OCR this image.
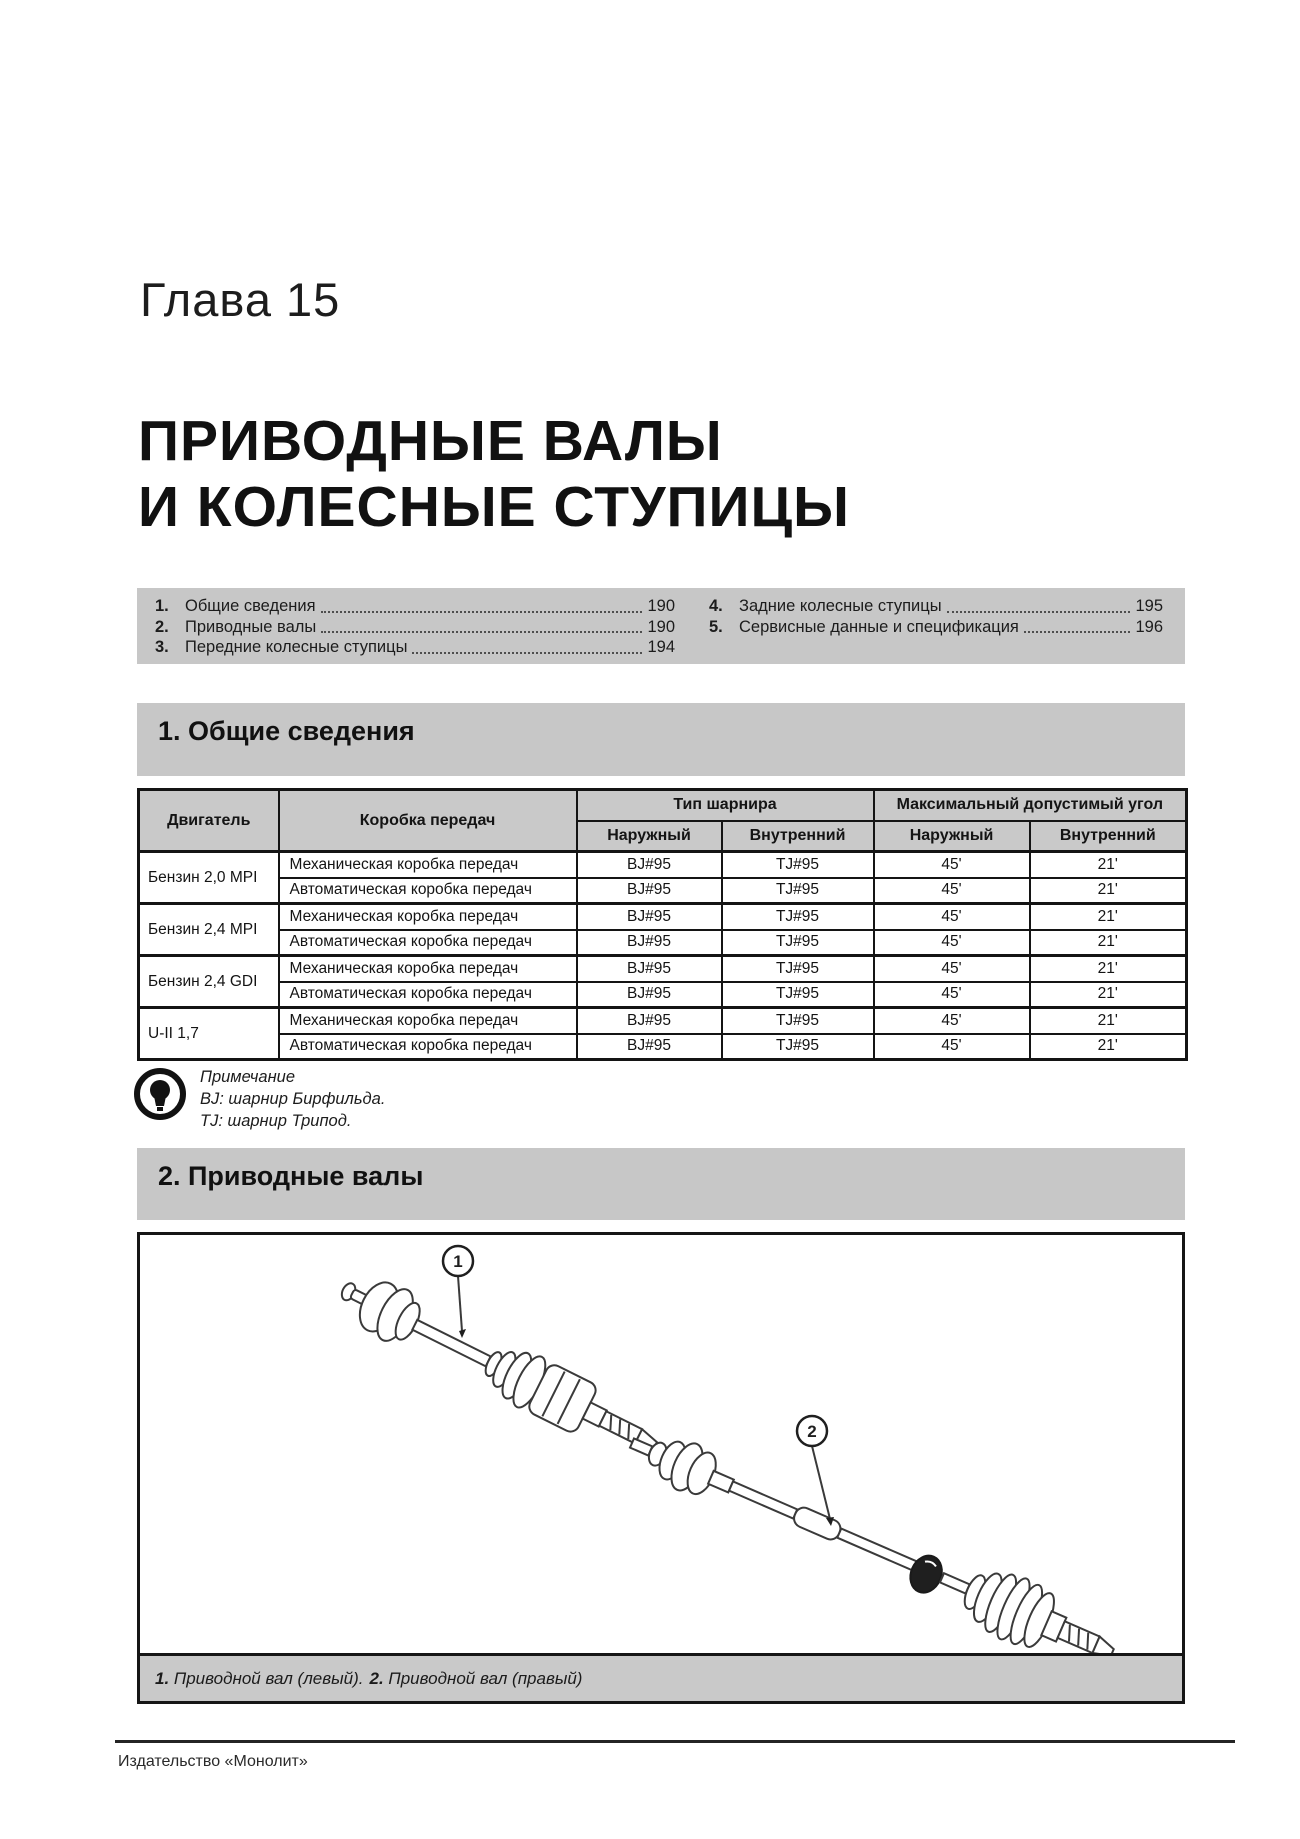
Глава 15
ПРИВОДНЫЕ ВАЛЫ
И КОЛЕСНЫЕ СТУПИЦЫ
1. Общие сведения	190
2. Приводные валы	190
3. Передние колесные ступицы	194
4. Задние колесные ступицы	195
5. Сервисные данные и спецификация	196
1. Общие сведения
Двигатель	Коробка передач	Тип шарнира		Максимальный допустимый угол	
		Наружный	Внутренний	Наружный	Внутренний
Бензин 2,0 MPI	Механическая коробка передач	BJ#95	TJ#95	45'	21'
	Автоматическая коробка передач	BJ#95	TJ#95	45'	21'
Бензин 2,4 MPI	Механическая коробка передач	BJ#95	TJ#95	45'	21'
	Автоматическая коробка передач	BJ#95	TJ#95	45'	21'
Бензин 2,4 GDI	Механическая коробка передач	BJ#95	TJ#95	45'	21'
	Автоматическая коробка передач	BJ#95	TJ#95	45'	21'
U-II 1,7	Механическая коробка передач	BJ#95	TJ#95	45'	21'
	Автоматическая коробка передач	BJ#95	TJ#95	45'	21'
Примечание
BJ: шарнир Бирфильда.
TJ: шарнир Трипод.
2. Приводные валы
1
2
1. Приводной вал (левый). 2. Приводной вал (правый)
Издательство «Монолит»
